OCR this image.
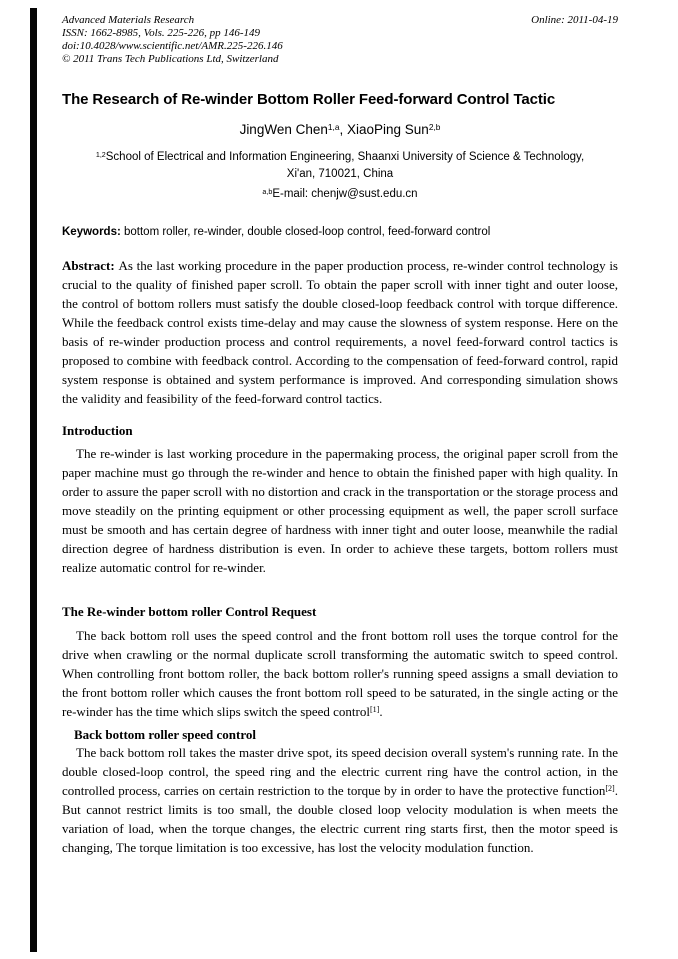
Advanced Materials Research
ISSN: 1662-8985, Vols. 225-226, pp 146-149
doi:10.4028/www.scientific.net/AMR.225-226.146
© 2011 Trans Tech Publications Ltd, Switzerland
Online: 2011-04-19
The Research of Re-winder Bottom Roller Feed-forward Control Tactic
JingWen Chen$^{1,a}$, XiaoPing Sun$^{2,b}$
$^{1,2}$School of Electrical and Information Engineering, Shaanxi University of Science & Technology,
Xi'an, 710021, China
$^{a,b}$E-mail: chenjw@sust.edu.cn

Keywords: bottom roller, re-winder, double closed-loop control, feed-forward control

Abstract: As the last working procedure in the paper production process, re-winder control technology is crucial to the quality of finished paper scroll. To obtain the paper scroll with inner tight and outer loose, the control of bottom rollers must satisfy the double closed-loop feedback control with torque difference. While the feedback control exists time-delay and may cause the slowness of system response. Here on the basis of re-winder production process and control requirements, a novel feed-forward control tactics is proposed to combine with feedback control. According to the compensation of feed-forward control, rapid system response is obtained and system performance is improved. And corresponding simulation shows the validity and feasibility of the feed-forward control tactics.

Introduction

The re-winder is last working procedure in the papermaking process, the original paper scroll from the paper machine must go through the re-winder and hence to obtain the finished paper with high quality. In order to assure the paper scroll with no distortion and crack in the transportation or the storage process and move steadily on the printing equipment or other processing equipment as well, the paper scroll surface must be smooth and has certain degree of hardness with inner tight and outer loose, meanwhile the radial direction degree of hardness distribution is even. In order to achieve these targets, bottom rollers must realize automatic control for re-winder.

The Re-winder bottom roller Control Request

The back bottom roll uses the speed control and the front bottom roll uses the torque control for the drive when crawling or the normal duplicate scroll transforming the automatic switch to speed control. When controlling front bottom roller, the back bottom roller's running speed assigns a small deviation to the front bottom roller which causes the front bottom roll speed to be saturated, in the single acting or the re-winder has the time which slips switch the speed control[1].

Back bottom roller speed control

The back bottom roll takes the master drive spot, its speed decision overall system's running rate. In the double closed-loop control, the speed ring and the electric current ring have the control action, in the controlled process, carries on certain restriction to the torque by in order to have the protective function[2]. But cannot restrict limits is too small, the double closed loop velocity modulation is when meets the variation of load, when the torque changes, the electric current ring starts first, then the motor speed is changing, The torque limitation is too excessive, has lost the velocity modulation function.
